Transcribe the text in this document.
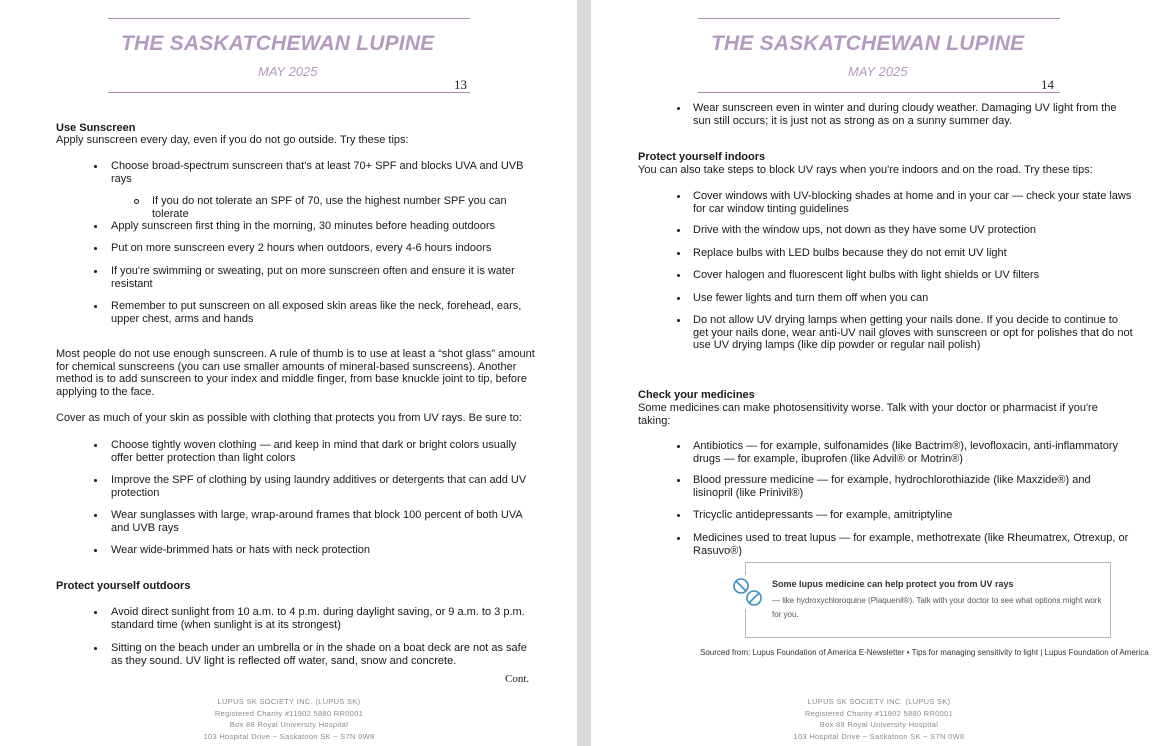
THE SASKATCHEWAN LUPINE
MAY 2025
13
Use Sunscreen
Apply sunscreen every day, even if you do not go outside. Try these tips:
Choose broad-spectrum sunscreen that's at least 70+ SPF and blocks UVA and UVB rays
If you do not tolerate an SPF of 70, use the highest number SPF you can tolerate
Apply sunscreen first thing in the morning, 30 minutes before heading outdoors
Put on more sunscreen every 2 hours when outdoors, every 4-6 hours indoors
If you're swimming or sweating, put on more sunscreen often and ensure it is water resistant
Remember to put sunscreen on all exposed skin areas like the neck, forehead, ears, upper chest, arms and hands
Most people do not use enough sunscreen. A rule of thumb is to use at least a “shot glass” amount for chemical sunscreens (you can use smaller amounts of mineral-based sunscreens). Another method is to add sunscreen to your index and middle finger, from base knuckle joint to tip, before applying to the face.
Cover as much of your skin as possible with clothing that protects you from UV rays. Be sure to:
Choose tightly woven clothing — and keep in mind that dark or bright colors usually offer better protection than light colors
Improve the SPF of clothing by using laundry additives or detergents that can add UV protection
Wear sunglasses with large, wrap-around frames that block 100 percent of both UVA and UVB rays
Wear wide-brimmed hats or hats with neck protection
Protect yourself outdoors
Avoid direct sunlight from 10 a.m. to 4 p.m. during daylight saving, or 9 a.m. to 3 p.m. standard time (when sunlight is at its strongest)
Sitting on the beach under an umbrella or in the shade on a boat deck are not as safe as they sound. UV light is reflected off water, sand, snow and concrete.
Cont.
LUPUS SK SOCIETY INC. (LUPUS SK)
Registered Charity #11902 5880 RR0001
Box 88 Royal University Hospital
103 Hospital Drive ~ Saskatoon SK ~ S7N 0W8
THE SASKATCHEWAN LUPINE
MAY 2025
14
Wear sunscreen even in winter and during cloudy weather. Damaging UV light from the sun still occurs; it is just not as strong as on a sunny summer day.
Protect yourself indoors
You can also take steps to block UV rays when you're indoors and on the road. Try these tips:
Cover windows with UV-blocking shades at home and in your car — check your state laws for car window tinting guidelines
Drive with the window ups, not down as they have some UV protection
Replace bulbs with LED bulbs because they do not emit UV light
Cover halogen and fluorescent light bulbs with light shields or UV filters
Use fewer lights and turn them off when you can
Do not allow UV drying lamps when getting your nails done. If you decide to continue to get your nails done, wear anti-UV nail gloves with sunscreen or opt for polishes that do not use UV drying lamps (like dip powder or regular nail polish)
Check your medicines
Some medicines can make photosensitivity worse. Talk with your doctor or pharmacist if you're taking:
Antibiotics — for example, sulfonamides (like Bactrim®), levofloxacin, anti-inflammatory drugs — for example, ibuprofen (like Advil® or Motrin®)
Blood pressure medicine — for example, hydrochlorothiazide (like Maxzide®) and lisinopril (like Prinivil®)
Tricyclic antidepressants — for example, amitriptyline
Medicines used to treat lupus — for example, methotrexate (like Rheumatrex, Otrexup, or Rasuvo®)
Some lupus medicine can help protect you from UV rays
— like hydroxychloroquine (Plaquenil®). Talk with your doctor to see what options might work for you.
Sourced from: Lupus Foundation of America E-Newsletter • Tips for managing sensitivity to light | Lupus Foundation of America
LUPUS SK SOCIETY INC. (LUPUS SK)
Registered Charity #11902 5880 RR0001
Box 88 Royal University Hospital
103 Hospital Drive ~ Saskatoon SK ~ S7N 0W8
